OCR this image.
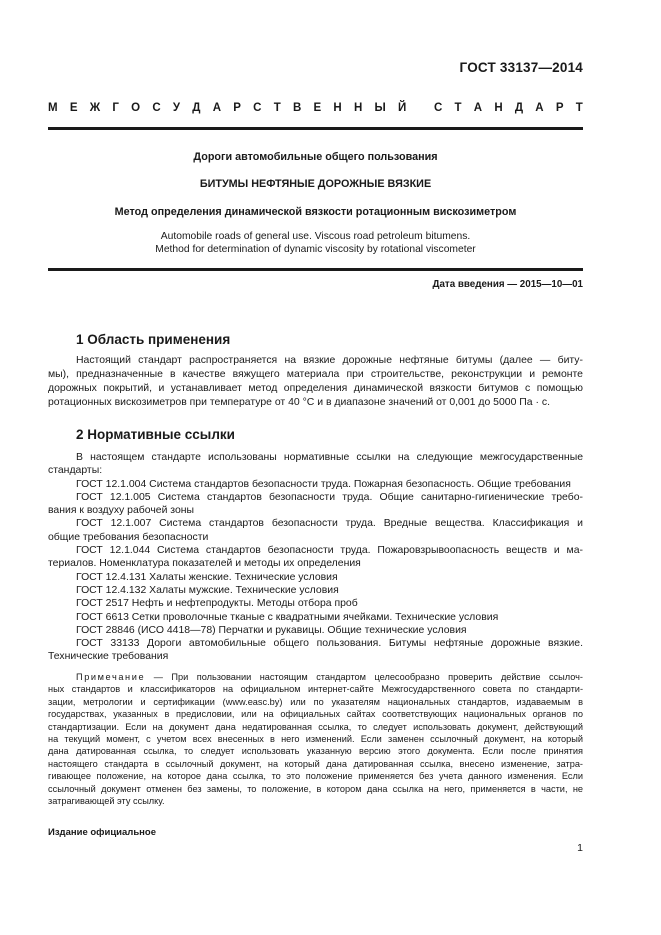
ГОСТ 33137—2014
М Е Ж Г О С У Д А Р С Т В Е Н Н Ы Й
С Т А Н Д А Р Т
Дороги автомобильные общего пользования
БИТУМЫ НЕФТЯНЫЕ ДОРОЖНЫЕ ВЯЗКИЕ
Метод определения динамической вязкости ротационным вискозиметром
Automobile roads of general use. Viscous road petroleum bitumens.
Method for determination of dynamic viscosity by rotational viscometer
Дата введения — 2015—10—01
1 Область применения

Настоящий стандарт распространяется на вязкие дорожные нефтяные битумы (далее — биту-

мы), предназначенные в качестве вяжущего материала при строительстве, реконструкции и ремонте

дорожных покрытий, и устанавливает метод определения динамической вязкости битумов с помощью

ротационных вискозиметров при температуре от 40 °С и в диапазоне значений от 0,001 до 5000 Па · с.

2 Нормативные ссылки
В настоящем стандарте использованы нормативные ссылки на следующие межгосударственные
стандарты:
ГОСТ 12.1.004 Система стандартов безопасности труда. Пожарная безопасность. Общие требования
ГОСТ 12.1.005 Система стандартов безопасности труда. Общие санитарно-гигиенические требо-
вания к воздуху рабочей зоны
ГОСТ 12.1.007 Система стандартов безопасности труда. Вредные вещества. Классификация и
общие требования безопасности
ГОСТ 12.1.044 Система стандартов безопасности труда. Пожаровзрывоопасность веществ и ма-
териалов. Номенклатура показателей и методы их определения
ГОСТ 12.4.131 Халаты женские. Технические условия
ГОСТ 12.4.132 Халаты мужские. Технические условия
ГОСТ 2517 Нефть и нефтепродукты. Методы отбора проб
ГОСТ 6613 Сетки проволочные тканые с квадратными ячейками. Технические условия
ГОСТ 28846 (ИСО 4418—78) Перчатки и рукавицы. Общие технические условия
ГОСТ 33133 Дороги автомобильные общего пользования. Битумы нефтяные дорожные вязкие.
Технические требования

Примечание — При пользовании настоящим стандартом целесообразно проверить действие ссылоч-

ных стандартов и классификаторов на официальном интернет-сайте Межгосударственного совета по стандарти-

зации, метрологии и сертификации (www.easc.by) или по указателям национальных стандартов, издаваемым в

государствах, указанных в предисловии, или на официальных сайтах соответствующих национальных органов по

стандартизации. Если на документ дана недатированная ссылка, то следует использовать документ, действующий

на текущий момент, с учетом всех внесенных в него изменений. Если заменен ссылочный документ, на который

дана датированная ссылка, то следует использовать указанную версию этого документа. Если после принятия

настоящего стандарта в ссылочный документ, на который дана датированная ссылка, внесено изменение, затра-

гивающее положение, на которое дана ссылка, то это положение применяется без учета данного изменения. Если

ссылочный документ отменен без замены, то положение, в котором дана ссылка на него, применяется в части, не

затрагивающей эту ссылку.

Издание официальное
1
